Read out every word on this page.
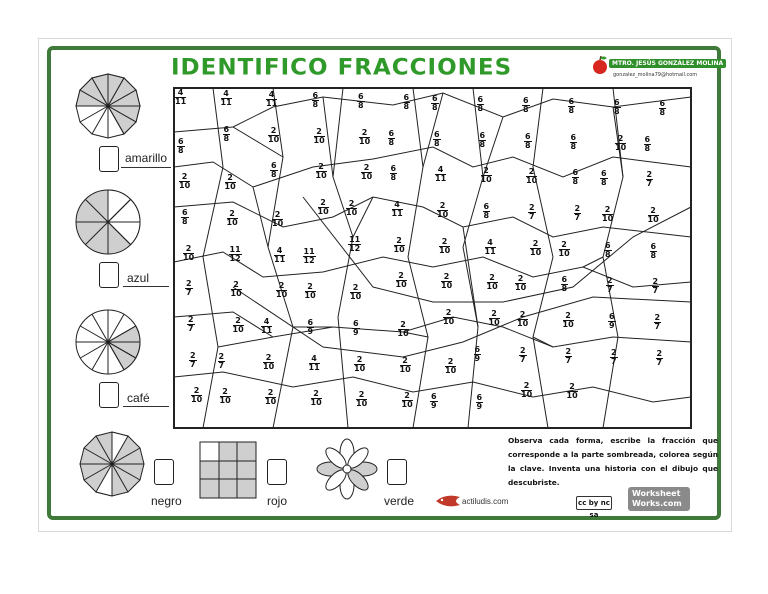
IDENTIFICO FRACCIONES	MTRO. JESÚS GONZÁLEZ MOLINA
gonzalez_molina79@hotmail.com
amarillo
azul
café
negro	rojo	verde
$\frac{4}{11}$	$\frac{4}{11}$	$\frac{4}{11}$	$\frac{6}{8}$	$\frac{6}{8}$	$\frac{6}{8}$	$\frac{6}{8}$	$\frac{6}{8}$	$\frac{6}{8}$	$\frac{6}{8}$	$\frac{6}{8}$	$\frac{6}{8}$
$\frac{6}{8}$
$\frac{6}{8}$	$\frac{2}{10}$	$\frac{2}{10}$	$\frac{2}{10} \frac{6}{8}$	$\frac{6}{8}$	$\frac{6}{8}$	$\frac{6}{8}$	$\frac{6}{8}$	$\frac{2}{10} \frac{6}{8}$
$\frac{2}{10}$	$\frac{2}{10}$
$\frac{6}{8}$	$\frac{2}{10}$	$\frac{2}{10} \frac{6}{8}$	$\frac{4}{11}$	$\frac{2}{10}$	$\frac{2}{10}$	$\frac{6}{8}$	$\frac{6}{8}$	$\frac{2}{7}$
$\frac{6}{8}$	$\frac{2}{10}$	$\frac{2}{10}$
$\frac{2}{10} \frac{2}{10}$	$\frac{4}{11}$	$\frac{2}{10}$	$\frac{6}{8}$	$\frac{2}{7}$	$\frac{2}{7}$	$\frac{2}{10}$	$\frac{2}{10}$
$\frac{2}{10}$	$\frac{11}{12}$	$\frac{4}{11} \frac{11}{12}$
$\frac{11}{12}$	$\frac{2}{10}$	$\frac{2}{10}$	$\frac{4}{11}$	$\frac{2}{10} \frac{2}{10}$	$\frac{6}{8}$	$\frac{6}{8}$
$\frac{2}{7}$	$\frac{2}{10}$	$\frac{2}{10} \frac{2}{10}$	$\frac{2}{10}$
$\frac{2}{10}$	$\frac{2}{10}$	$\frac{2}{10} \frac{2}{10}$	$\frac{6}{8}$	$\frac{2}{7}$	$\frac{2}{7}$
$\frac{2}{7}$	$\frac{2}{10} \frac{4}{11}$	$\frac{6}{9}$	$\frac{6}{9}$	$\frac{2}{10}$
$\frac{2}{10}$	$\frac{2}{10} \frac{2}{10}$	$\frac{2}{10}$	$\frac{6}{9}$	$\frac{2}{7}$
$\frac{2}{7}$	$\frac{2}{7}$	$\frac{2}{10}$	$\frac{4}{11}$	$\frac{2}{10}$	$\frac{2}{10}$	$\frac{2}{10}$
$\frac{6}{9}$	$\frac{2}{7}$	$\frac{2}{7}$	$\frac{2}{7}$	$\frac{2}{7}$
$\frac{2}{10} \frac{2}{10}$	$\frac{2}{10}$	$\frac{2}{10}$	$\frac{2}{10}$	$\frac{2}{10} \frac{6}{9}$	$\frac{6}{9}$
$\frac{2}{10}$	$\frac{2}{10}$
Observa cada forma, escribe la fracción que corresponde a la parte sombreada, colorea según la clave. Inventa una historia con el dibujo que descubriste.
actiludis.com	cc by nc sa
Worksheet Works.com
